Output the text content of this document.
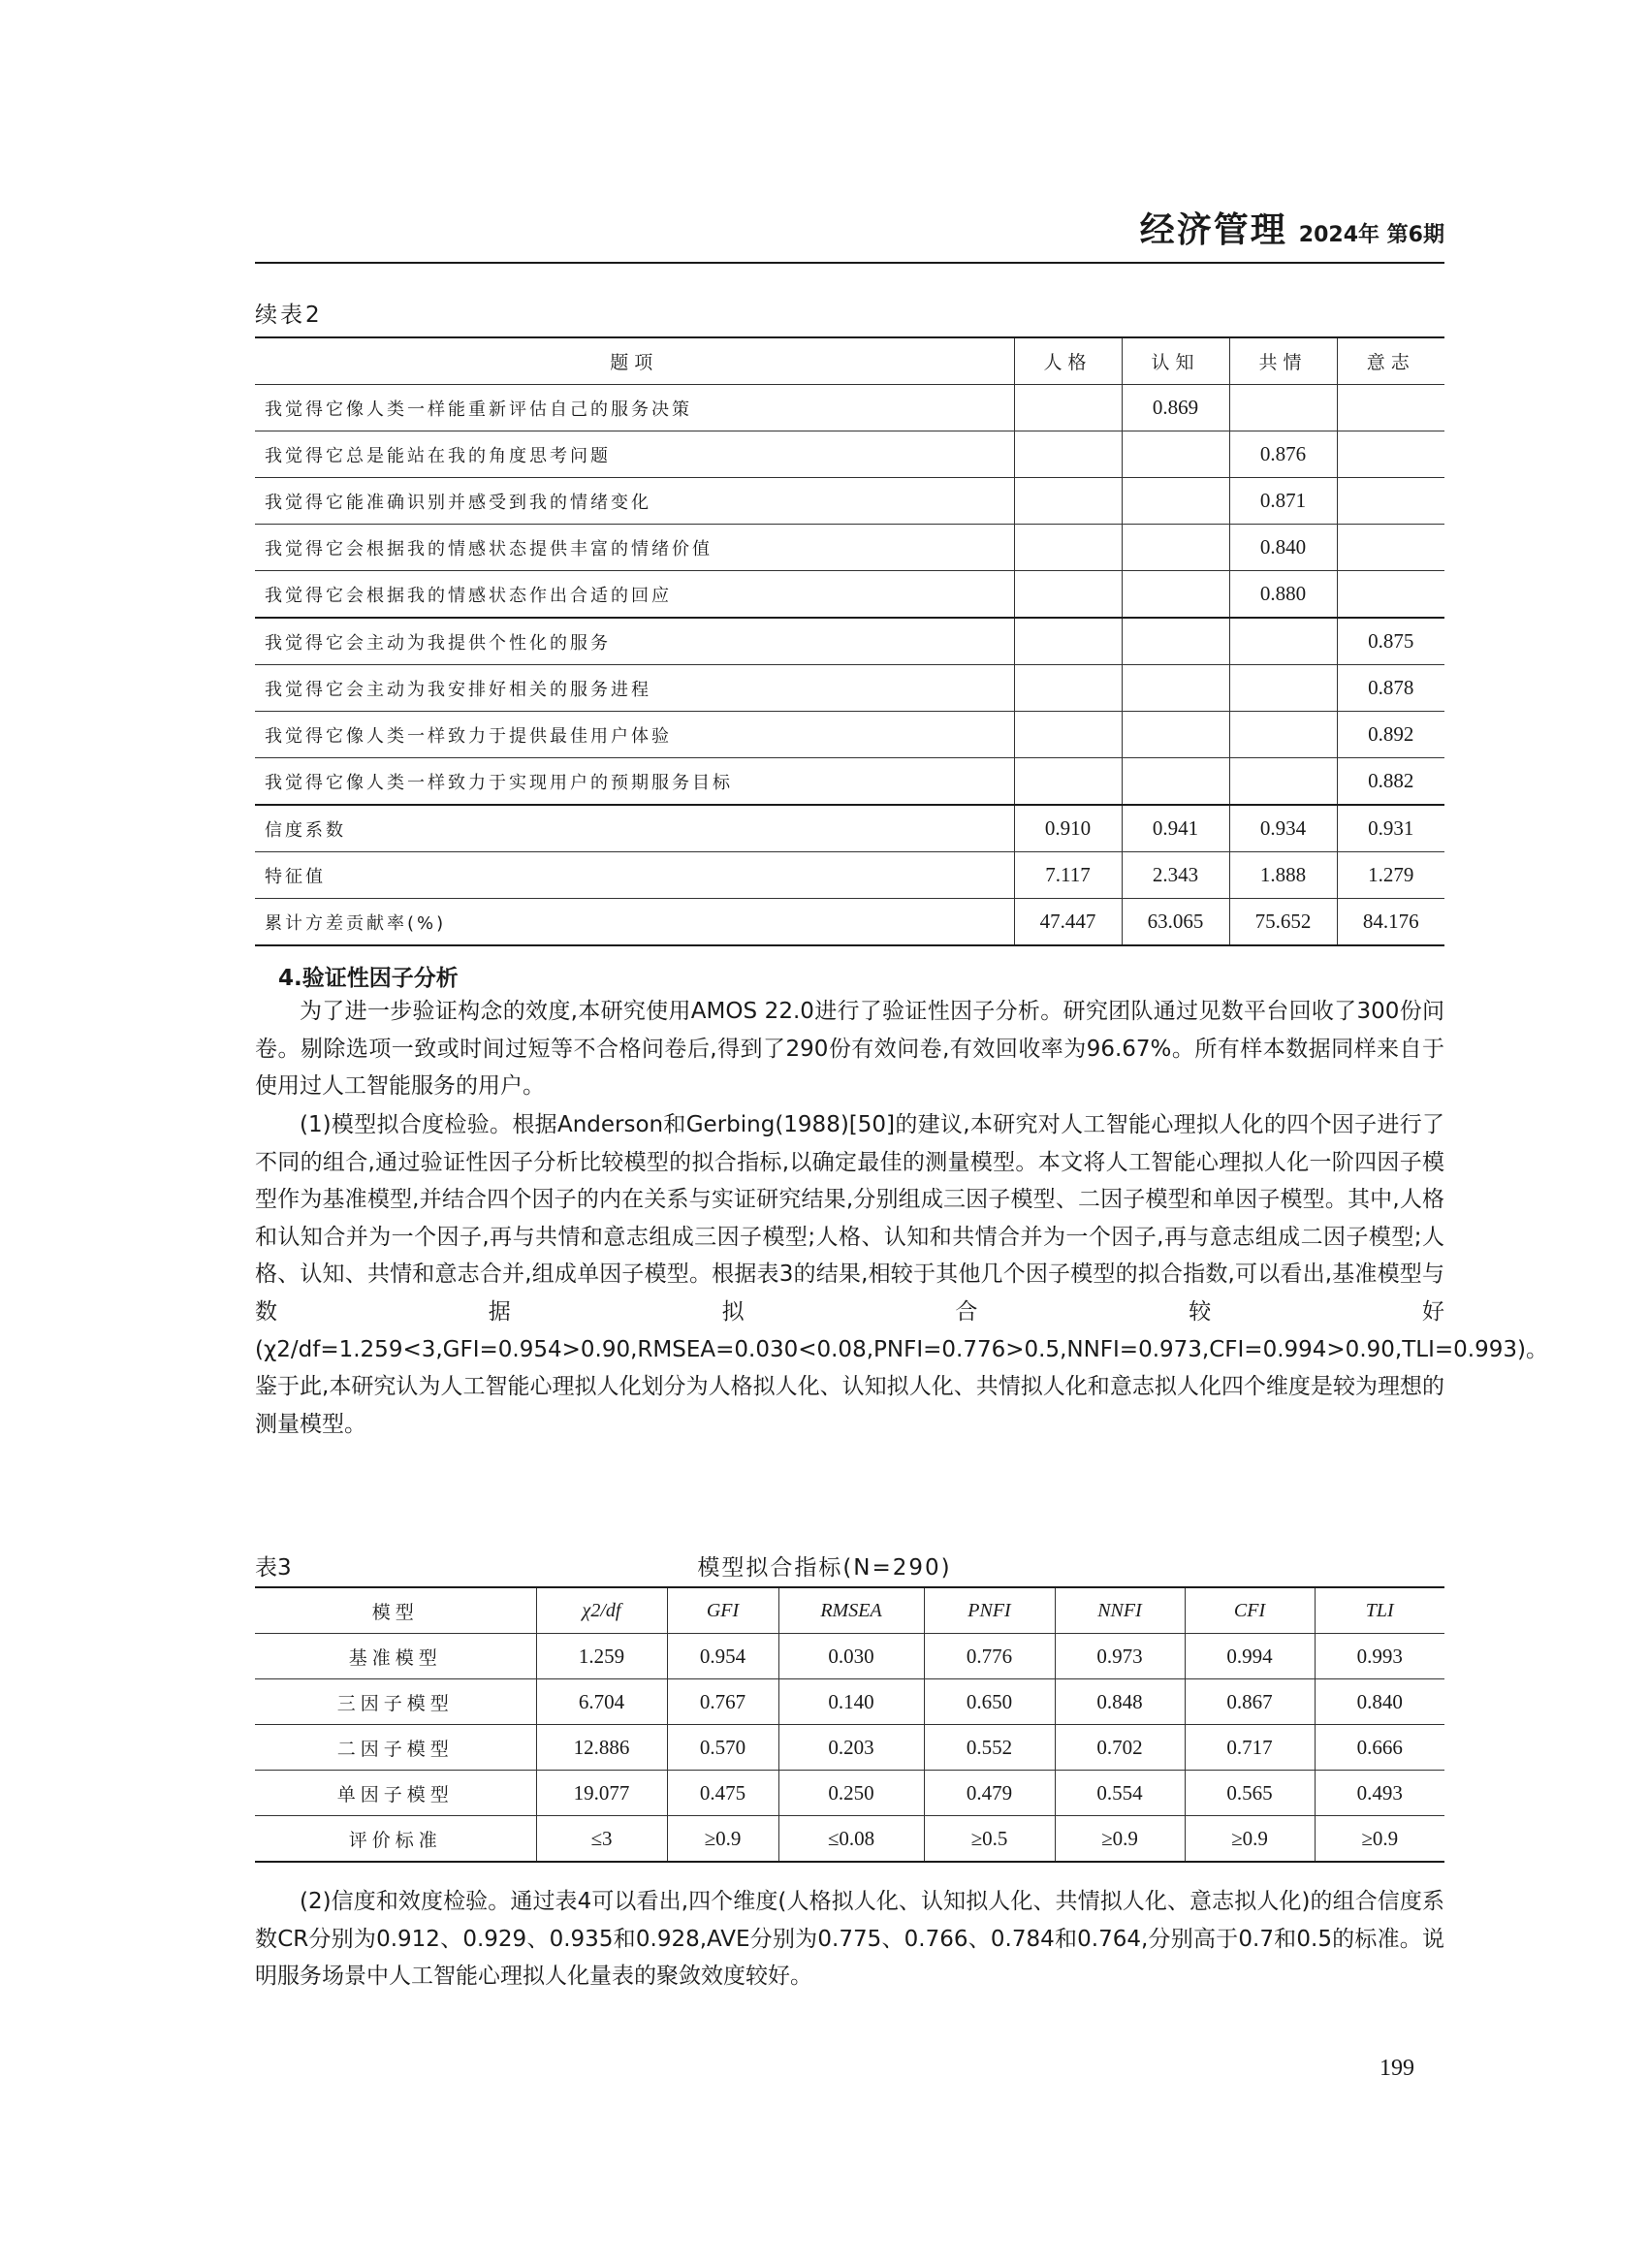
经济管理 2024年 第6期
续表2
题项	人格	认知	共情	意志
我觉得它像人类一样能重新评估自己的服务决策		0.869		
我觉得它总是能站在我的角度思考问题			0.876	
我觉得它能准确识别并感受到我的情绪变化			0.871	
我觉得它会根据我的情感状态提供丰富的情绪价值			0.840	
我觉得它会根据我的情感状态作出合适的回应			0.880	
我觉得它会主动为我提供个性化的服务				0.875
我觉得它会主动为我安排好相关的服务进程				0.878
我觉得它像人类一样致力于提供最佳用户体验				0.892
我觉得它像人类一样致力于实现用户的预期服务目标				0.882
信度系数	0.910	0.941	0.934	0.931
特征值	7.117	2.343	1.888	1.279
累计方差贡献率(%)	47.447	63.065	75.652	84.176
4.验证性因子分析

为了进一步验证构念的效度,本研究使用AMOS 22.0进行了验证性因子分析。研究团队通过见数平台回收了300份问卷。剔除选项一致或时间过短等不合格问卷后,得到了290份有效问卷,有效回收率为96.67%。所有样本数据同样来自于使用过人工智能服务的用户。

(1)模型拟合度检验。根据Anderson和Gerbing(1988)[50]的建议,本研究对人工智能心理拟人化的四个因子进行了不同的组合,通过验证性因子分析比较模型的拟合指标,以确定最佳的测量模型。本文将人工智能心理拟人化一阶四因子模型作为基准模型,并结合四个因子的内在关系与实证研究结果,分别组成三因子模型、二因子模型和单因子模型。其中,人格和认知合并为一个因子,再与共情和意志组成三因子模型;人格、认知和共情合并为一个因子,再与意志组成二因子模型;人格、认知、共情和意志合并,组成单因子模型。根据表3的结果,相较于其他几个因子模型的拟合指数,可以看出,基准模型与数据拟合较好(χ2/df=1.259<3,GFI=0.954>0.90,RMSEA=0.030<0.08,PNFI=0.776>0.5,NNFI=0.973,CFI=0.994>0.90,TLI=0.993)。鉴于此,本研究认为人工智能心理拟人化划分为人格拟人化、认知拟人化、共情拟人化和意志拟人化四个维度是较为理想的测量模型。

表3	模型拟合指标(N=290)
模型	χ2/df	GFI	RMSEA	PNFI	NNFI	CFI	TLI
基准模型	1.259	0.954	0.030	0.776	0.973	0.994	0.993
三因子模型	6.704	0.767	0.140	0.650	0.848	0.867	0.840
二因子模型	12.886	0.570	0.203	0.552	0.702	0.717	0.666
单因子模型	19.077	0.475	0.250	0.479	0.554	0.565	0.493
评价标准	≤3	≥0.9	≤0.08	≥0.5	≥0.9	≥0.9	≥0.9

(2)信度和效度检验。通过表4可以看出,四个维度(人格拟人化、认知拟人化、共情拟人化、意志拟人化)的组合信度系数CR分别为0.912、0.929、0.935和0.928,AVE分别为0.775、0.766、0.784和0.764,分别高于0.7和0.5的标准。说明服务场景中人工智能心理拟人化量表的聚敛效度较好。

199
